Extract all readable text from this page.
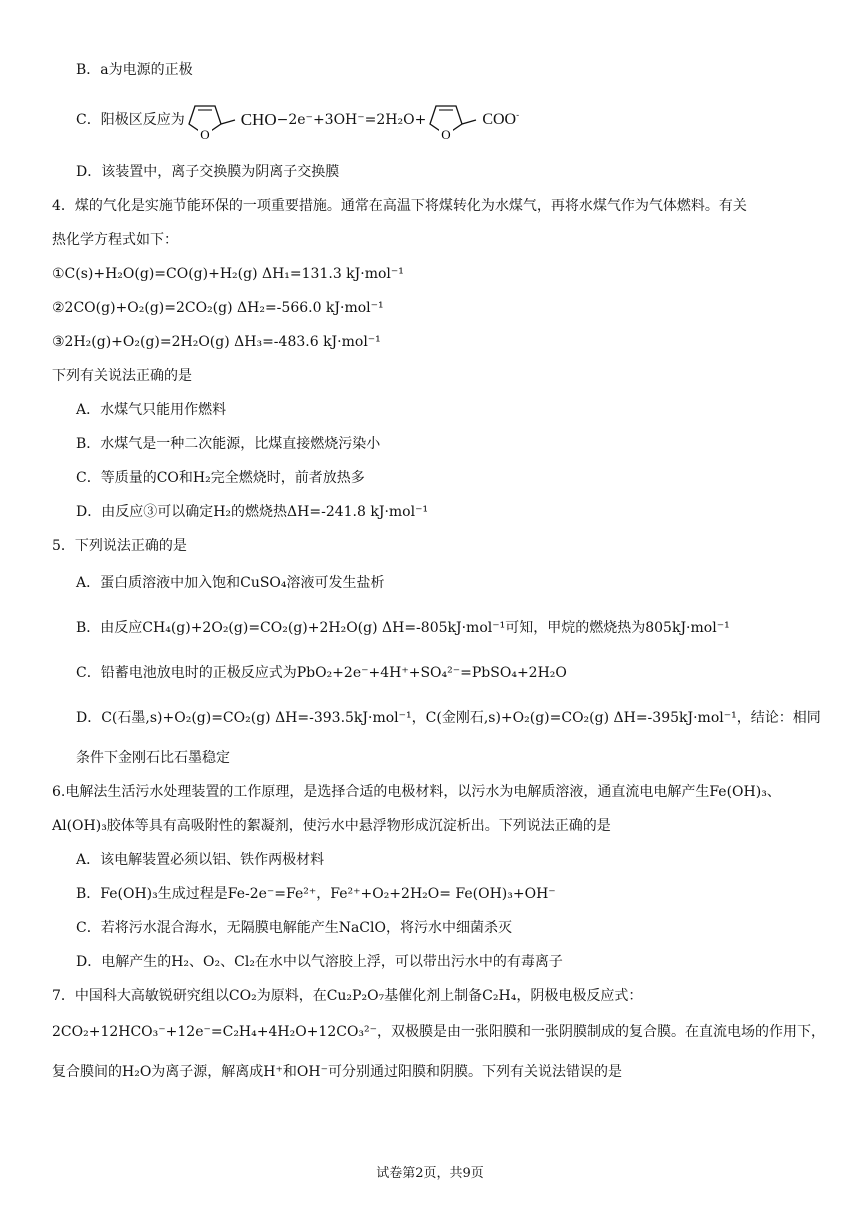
B．a为电源的正极
C．阳极区反应为
O
CHO−2e⁻+3OH⁻=2H₂O+
O
COO-
D．该装置中，离子交换膜为阴离子交换膜
4．煤的气化是实施节能环保的一项重要措施。通常在高温下将煤转化为水煤气，再将水煤气作为气体燃料。有关
热化学方程式如下：
①C(s)+H₂O(g)=CO(g)+H₂(g) ΔH₁=131.3 kJ·mol⁻¹
②2CO(g)+O₂(g)=2CO₂(g) ΔH₂=-566.0 kJ·mol⁻¹
③2H₂(g)+O₂(g)=2H₂O(g) ΔH₃=-483.6 kJ·mol⁻¹
下列有关说法正确的是
A．水煤气只能用作燃料
B．水煤气是一种二次能源，比煤直接燃烧污染小
C．等质量的CO和H₂完全燃烧时，前者放热多
D．由反应③可以确定H₂的燃烧热ΔH=-241.8 kJ·mol⁻¹
5．下列说法正确的是
A．蛋白质溶液中加入饱和CuSO₄溶液可发生盐析
B．由反应CH₄(g)+2O₂(g)=CO₂(g)+2H₂O(g) ΔH=-805kJ·mol⁻¹可知，甲烷的燃烧热为805kJ·mol⁻¹
C．铅蓄电池放电时的正极反应式为PbO₂+2e⁻+4H⁺+SO₄²⁻=PbSO₄+2H₂O
D．C(石墨,s)+O₂(g)=CO₂(g) ΔH=-393.5kJ·mol⁻¹，C(金刚石,s)+O₂(g)=CO₂(g) ΔH=-395kJ·mol⁻¹，结论：相同
条件下金刚石比石墨稳定
6.电解法生活污水处理装置的工作原理，是选择合适的电极材料，以污水为电解质溶液，通直流电电解产生Fe(OH)₃、
Al(OH)₃胶体等具有高吸附性的絮凝剂，使污水中悬浮物形成沉淀析出。下列说法正确的是
A．该电解装置必须以铝、铁作两极材料
B．Fe(OH)₃生成过程是Fe-2e⁻=Fe²⁺，Fe²⁺+O₂+2H₂O= Fe(OH)₃+OH⁻
C．若将污水混合海水，无隔膜电解能产生NaClO，将污水中细菌杀灭
D．电解产生的H₂、O₂、Cl₂在水中以气溶胶上浮，可以带出污水中的有毒离子
7．中国科大高敏锐研究组以CO₂为原料，在Cu₂P₂O₇基催化剂上制备C₂H₄，阴极电极反应式：
2CO₂+12HCO₃⁻+12e⁻=C₂H₄+4H₂O+12CO₃²⁻，双极膜是由一张阳膜和一张阴膜制成的复合膜。在直流电场的作用下，
复合膜间的H₂O为离子源，解离成H⁺和OH⁻可分别通过阳膜和阴膜。下列有关说法错误的是
试卷第2页，共9页
